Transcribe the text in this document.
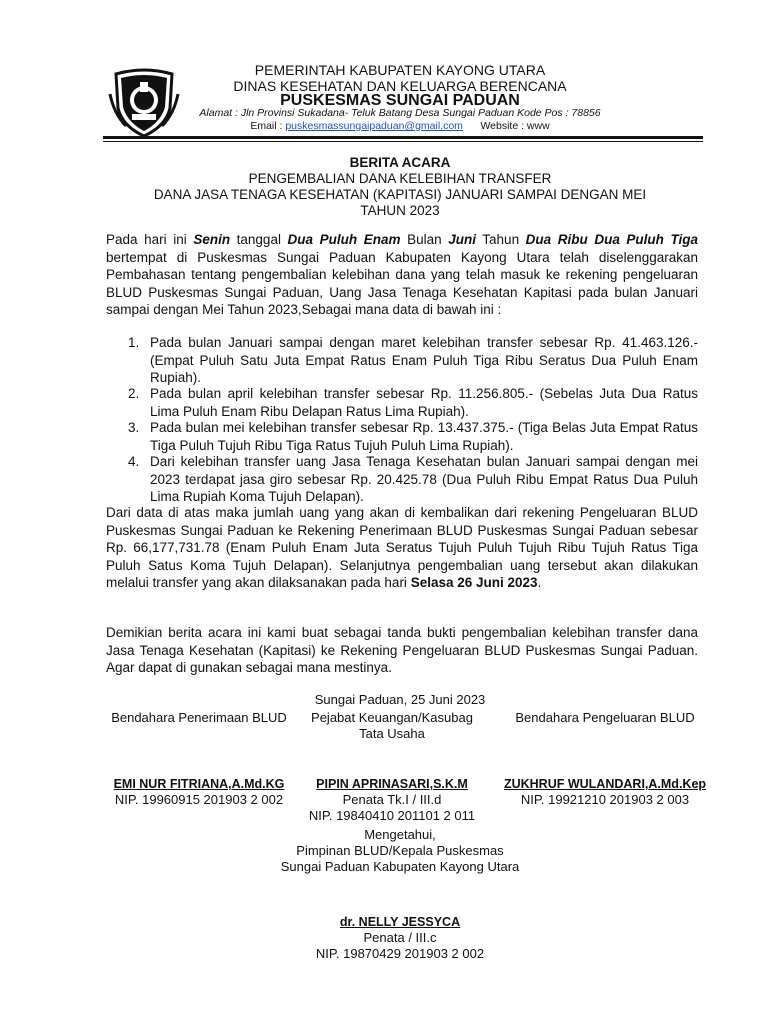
PEMERINTAH KABUPATEN KAYONG UTARA
DINAS KESEHATAN DAN KELUARGA BERENCANA
PUSKESMAS SUNGAI PADUAN
Alamat : Jln Provinsi Sukadana- Teluk Batang Desa Sungai Paduan Kode Pos : 78856
Email : puskesmassungaipaduan@gmail.com Website : www
BERITA ACARA
PENGEMBALIAN DANA KELEBIHAN TRANSFER
DANA JASA TENAGA KESEHATAN (KAPITASI) JANUARI SAMPAI DENGAN MEI
TAHUN 2023
Pada hari ini Senin tanggal Dua Puluh Enam Bulan Juni Tahun Dua Ribu Dua Puluh Tiga bertempat di Puskesmas Sungai Paduan Kabupaten Kayong Utara telah diselenggarakan Pembahasan tentang pengembalian kelebihan dana yang telah masuk ke rekening pengeluaran BLUD Puskesmas Sungai Paduan, Uang Jasa Tenaga Kesehatan Kapitasi pada bulan Januari sampai dengan Mei Tahun 2023,Sebagai mana data di bawah ini :
1. Pada bulan Januari sampai dengan maret kelebihan transfer sebesar Rp. 41.463.126.- (Empat Puluh Satu Juta Empat Ratus Enam Puluh Tiga Ribu Seratus Dua Puluh Enam Rupiah).
2. Pada bulan april kelebihan transfer sebesar Rp. 11.256.805.- (Sebelas Juta Dua Ratus Lima Puluh Enam Ribu Delapan Ratus Lima Rupiah).
3. Pada bulan mei kelebihan transfer sebesar Rp. 13.437.375.- (Tiga Belas Juta Empat Ratus Tiga Puluh Tujuh Ribu Tiga Ratus Tujuh Puluh Lima Rupiah).
4. Dari kelebihan transfer uang Jasa Tenaga Kesehatan bulan Januari sampai dengan mei 2023 terdapat jasa giro sebesar Rp. 20.425.78 (Dua Puluh Ribu Empat Ratus Dua Puluh Lima Rupiah Koma Tujuh Delapan).
Dari data di atas maka jumlah uang yang akan di kembalikan dari rekening Pengeluaran BLUD Puskesmas Sungai Paduan ke Rekening Penerimaan BLUD Puskesmas Sungai Paduan sebesar Rp. 66,177,731.78 (Enam Puluh Enam Juta Seratus Tujuh Puluh Tujuh Ribu Tujuh Ratus Tiga Puluh Satus Koma Tujuh Delapan). Selanjutnya pengembalian uang tersebut akan dilakukan melalui transfer yang akan dilaksanakan pada hari Selasa 26 Juni 2023.
Demikian berita acara ini kami buat sebagai tanda bukti pengembalian kelebihan transfer dana Jasa Tenaga Kesehatan (Kapitasi) ke Rekening Pengeluaran BLUD Puskesmas Sungai Paduan. Agar dapat di gunakan sebagai mana mestinya.
Sungai Paduan, 25 Juni 2023
Bendahara Penerimaan BLUD	Pejabat Keuangan/Kasubag
Tata Usaha
Bendahara Pengeluaran BLUD
EMI NUR FITRIANA,A.Md.KG
NIP. 19960915 201903 2 002
PIPIN APRINASARI,S.K.M
Penata Tk.I / III.d
NIP. 19840410 201101 2 011
ZUKHRUF WULANDARI,A.Md.Kep
NIP. 19921210 201903 2 003
Mengetahui,
Pimpinan BLUD/Kepala Puskesmas
Sungai Paduan Kabupaten Kayong Utara
dr. NELLY JESSYCA
Penata / III.c
NIP. 19870429 201903 2 002
